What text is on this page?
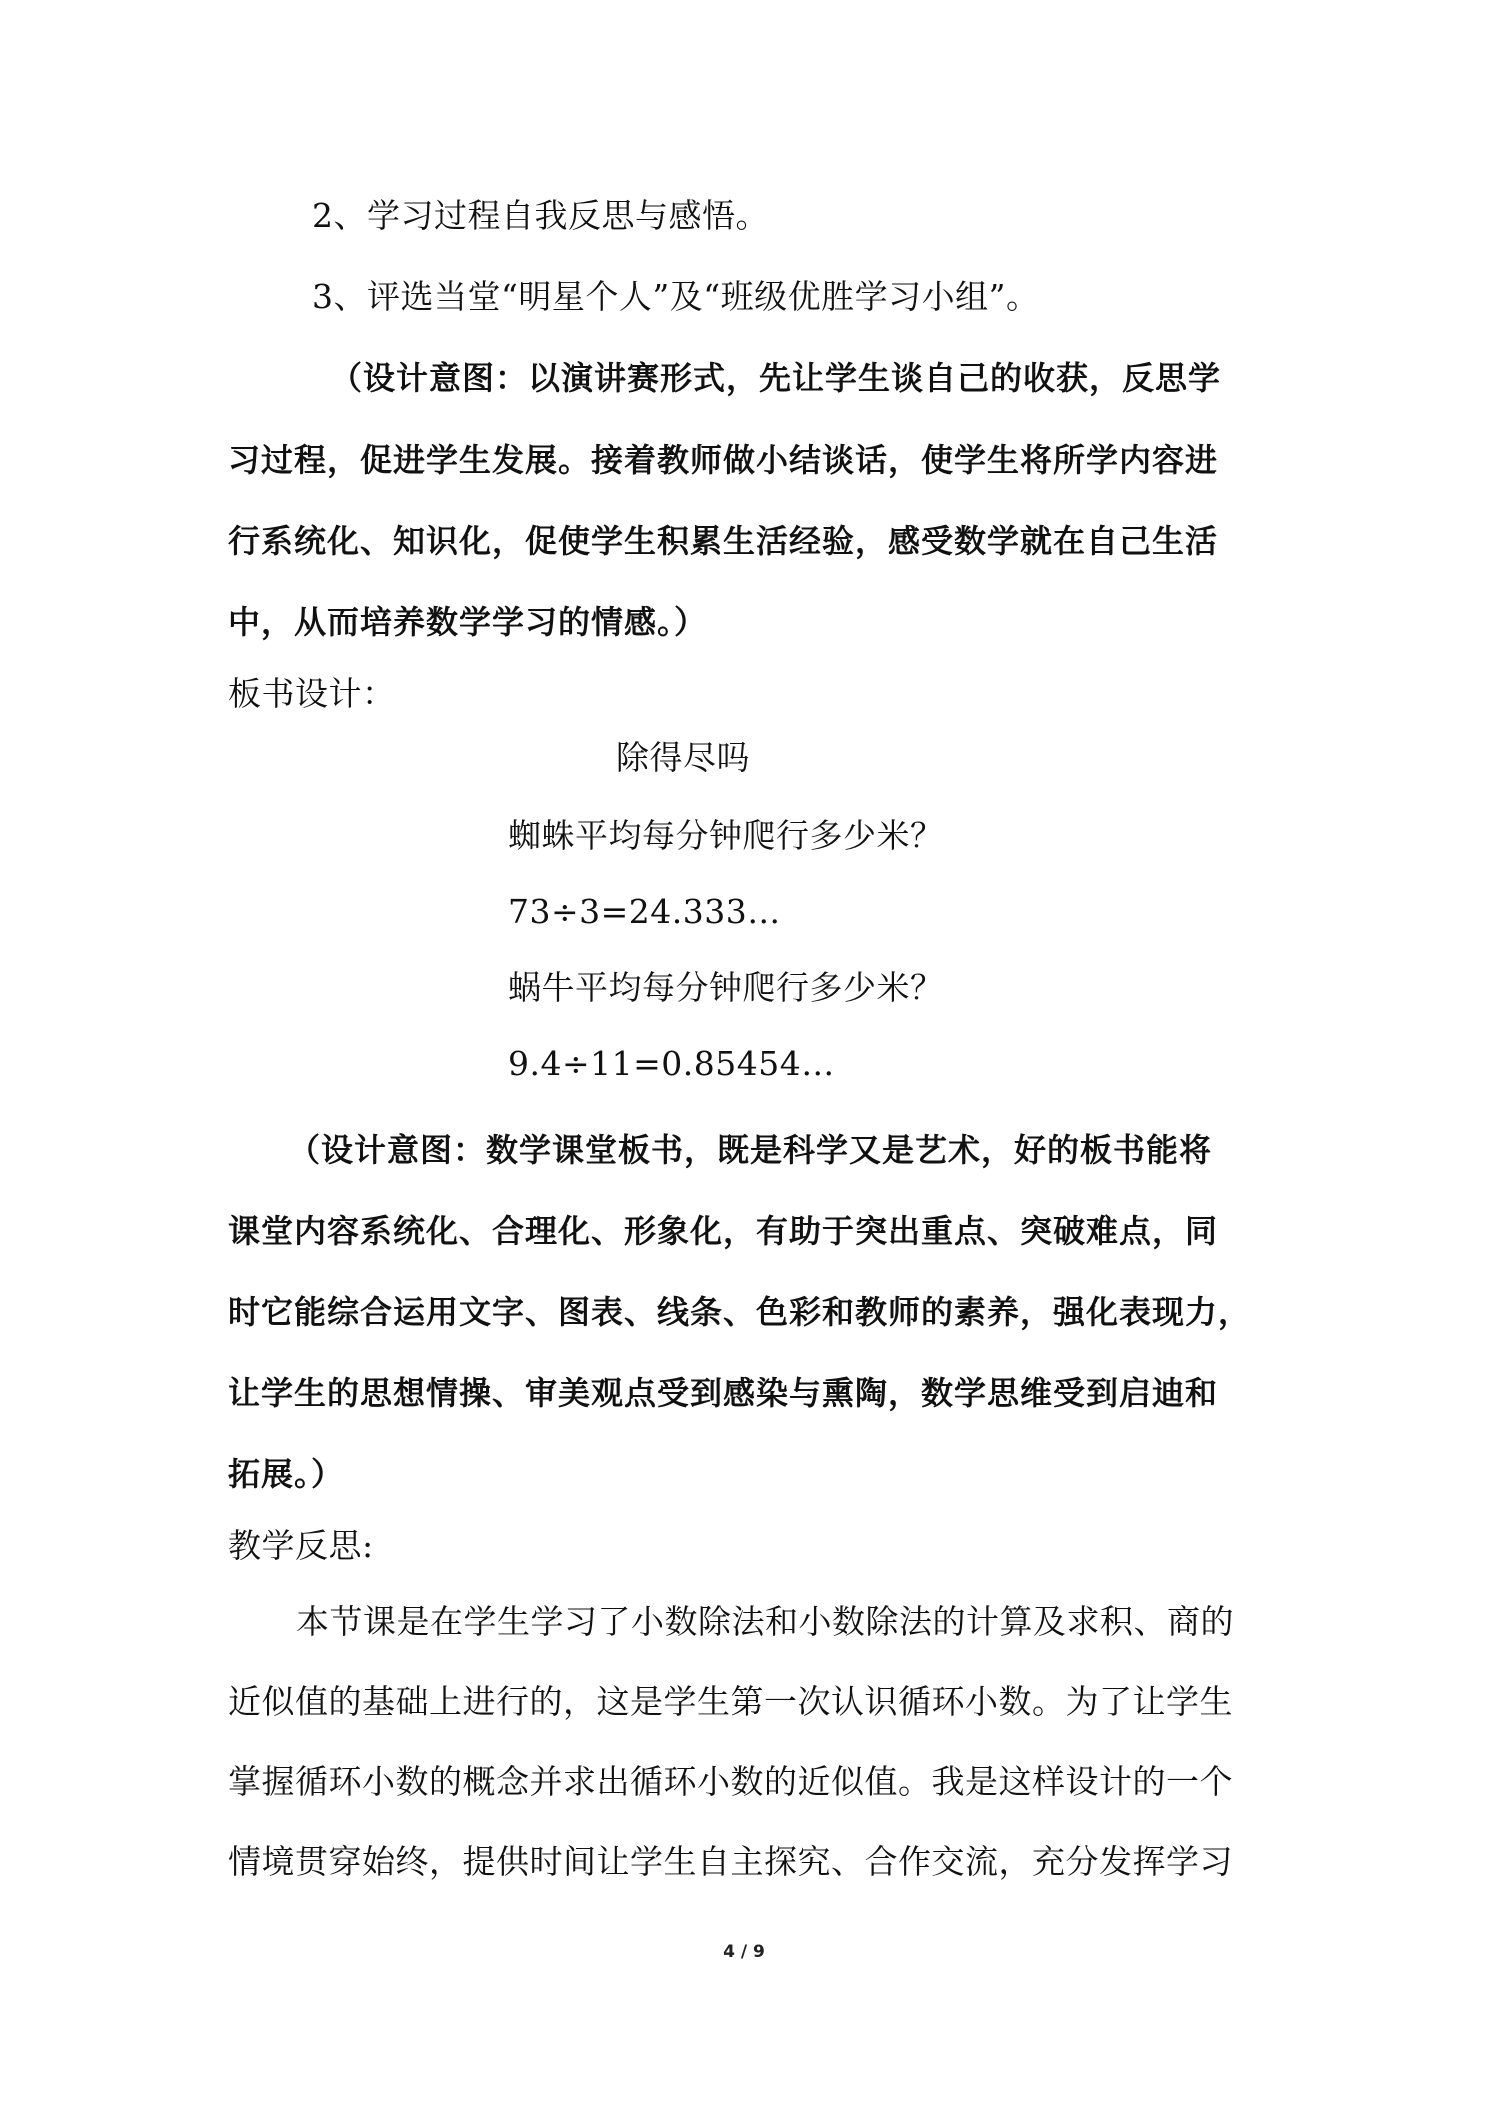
2、学习过程自我反思与感悟。
3、评选当堂“明星个人”及“班级优胜学习小组”。
（设计意图：以演讲赛形式，先让学生谈自己的收获，反思学
习过程，促进学生发展。接着教师做小结谈话，使学生将所学内容进
行系统化、知识化，促使学生积累生活经验，感受数学就在自己生活
中，从而培养数学学习的情感。）
板书设计：
除得尽吗
蜘蛛平均每分钟爬行多少米？
73÷3=24.333…
蜗牛平均每分钟爬行多少米？
9.4÷11=0.85454…
（设计意图：数学课堂板书，既是科学又是艺术，好的板书能将
课堂内容系统化、合理化、形象化，有助于突出重点、突破难点，同
时它能综合运用文字、图表、线条、色彩和教师的素养，强化表现力，
让学生的思想情操、审美观点受到感染与熏陶，数学思维受到启迪和
拓展。）
教学反思:
本节课是在学生学习了小数除法和小数除法的计算及求积、商的
近似值的基础上进行的，这是学生第一次认识循环小数。为了让学生
掌握循环小数的概念并求出循环小数的近似值。我是这样设计的一个
情境贯穿始终，提供时间让学生自主探究、合作交流，充分发挥学习
4 / 9
